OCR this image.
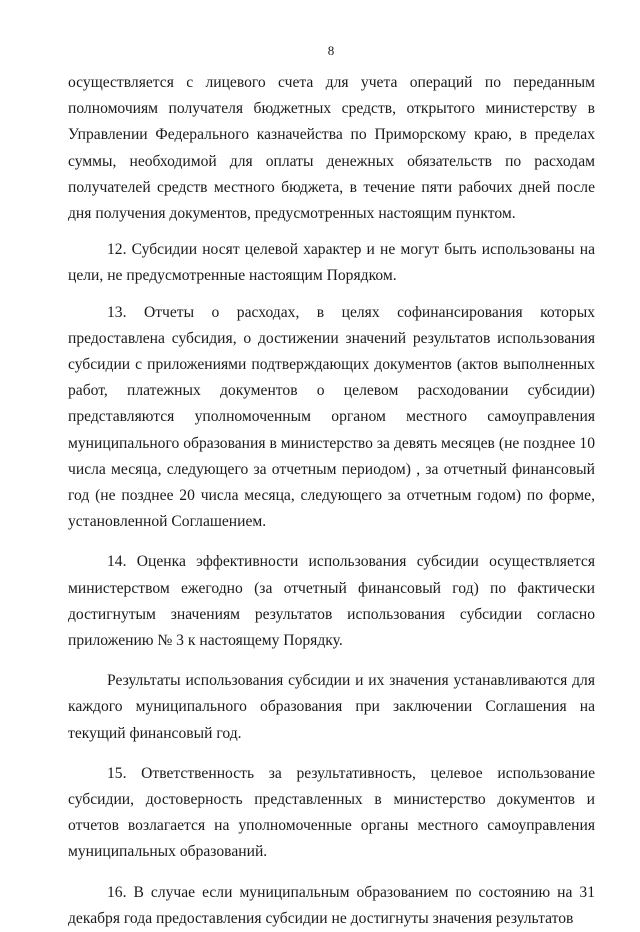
8

осуществляется с лицевого счета для учета операций по переданным полномочиям получателя бюджетных средств, открытого министерству в Управлении Федерального казначейства по Приморскому краю, в пределах суммы, необходимой для оплаты денежных обязательств по расходам получателей средств местного бюджета, в течение пяти рабочих дней после дня получения документов, предусмотренных настоящим пунктом.

12. Субсидии носят целевой характер и не могут быть использованы на цели, не предусмотренные настоящим Порядком.

13. Отчеты о расходах, в целях софинансирования которых предоставлена субсидия, о достижении значений результатов использования субсидии с приложениями подтверждающих документов (актов выполненных работ, платежных документов о целевом расходовании субсидии) представляются уполномоченным органом местного самоуправления муниципального образования в министерство за девять месяцев (не позднее 10 числа месяца, следующего за отчетным периодом) , за отчетный финансовый год (не позднее 20 числа месяца, следующего за отчетным годом) по форме, установленной Соглашением.

14. Оценка эффективности использования субсидии осуществляется министерством ежегодно (за отчетный финансовый год) по фактически достигнутым значениям результатов использования субсидии согласно приложению № 3 к настоящему Порядку.

Результаты использования субсидии и их значения устанавливаются для каждого муниципального образования при заключении Соглашения на текущий финансовый год.

15. Ответственность за результативность, целевое использование субсидии, достоверность представленных в министерство документов и отчетов возлагается на уполномоченные органы местного самоуправления муниципальных образований.

16. В случае если муниципальным образованием по состоянию на 31 декабря года предоставления субсидии не достигнуты значения результатов
